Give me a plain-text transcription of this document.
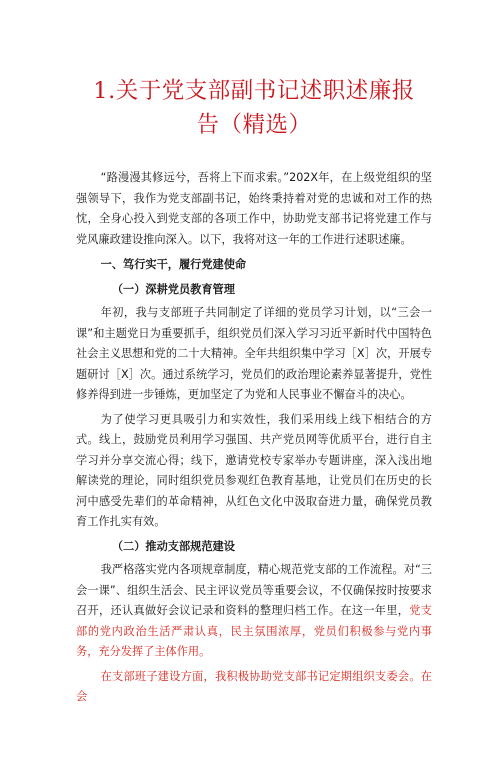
1.关于党支部副书记述职述廉报
告（精选）

“路漫漫其修远兮，吾将上下而求索。”202X年，在上级党组织的坚强领导下，我作为党支部副书记，始终秉持着对党的忠诚和对工作的热忱，全身心投入到党支部的各项工作中，协助党支部书记将党建工作与党风廉政建设推向深入。以下，我将对这一年的工作进行述职述廉。

一、笃行实干，履行党建使命

（一）深耕党员教育管理

年初，我与支部班子共同制定了详细的党员学习计划，以“三会一课”和主题党日为重要抓手，组织党员们深入学习习近平新时代中国特色社会主义思想和党的二十大精神。全年共组织集中学习［X］次，开展专题研讨［X］次。通过系统学习，党员们的政治理论素养显著提升，党性修养得到进一步锤炼，更加坚定了为党和人民事业不懈奋斗的决心。

为了使学习更具吸引力和实效性，我们采用线上线下相结合的方式。线上，鼓励党员利用学习强国、共产党员网等优质平台，进行自主学习并分享交流心得；线下，邀请党校专家举办专题讲座，深入浅出地解读党的理论，同时组织党员参观红色教育基地，让党员们在历史的长河中感受先辈们的革命精神，从红色文化中汲取奋进力量，确保党员教育工作扎实有效。

（二）推动支部规范建设

我严格落实党内各项规章制度，精心规范党支部的工作流程。对“三会一课”、组织生活会、民主评议党员等重要会议，不仅确保按时按要求召开，还认真做好会议记录和资料的整理归档工作。在这一年里，党支部的党内政治生活严肃认真，民主氛围浓厚，党员们积极参与党内事务，充分发挥了主体作用。

在支部班子建设方面，我积极协助党支部书记定期组织支委会。在会
